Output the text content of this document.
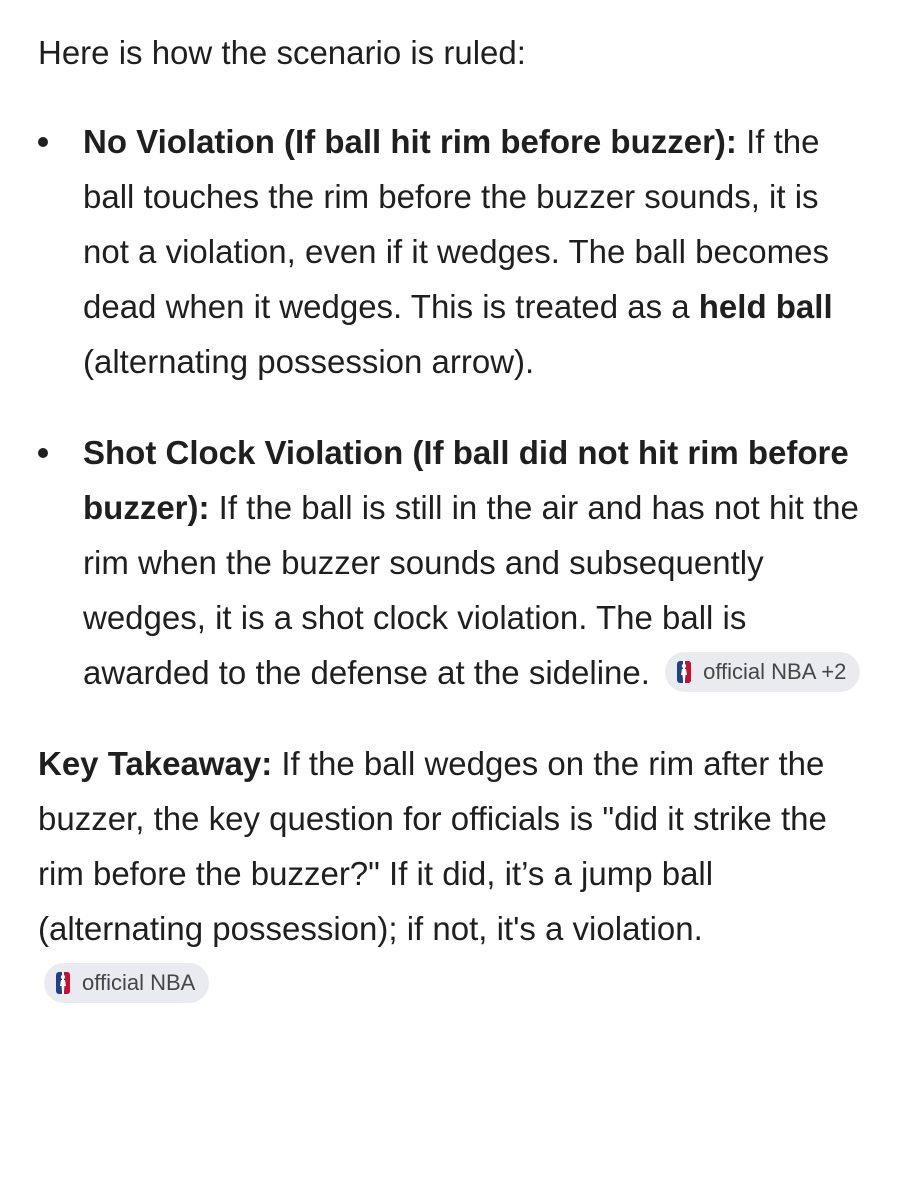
Here is how the scenario is ruled:

No Violation (If ball hit rim before buzzer): If the ball touches the rim before the buzzer sounds, it is not a violation, even if it wedges. The ball becomes dead when it wedges. This is treated as a held ball (alternating possession arrow).
Shot Clock Violation (If ball did not hit rim before buzzer): If the ball is still in the air and has not hit the rim when the buzzer sounds and subsequently wedges, it is a shot clock violation. The ball is awarded to the defense at the sideline. official NBA +2

Key Takeaway: If the ball wedges on the rim after the buzzer, the key question for officials is "did it strike the rim before the buzzer?" If it did, it’s a jump ball (alternating possession); if not, it's a violation.
official NBA
